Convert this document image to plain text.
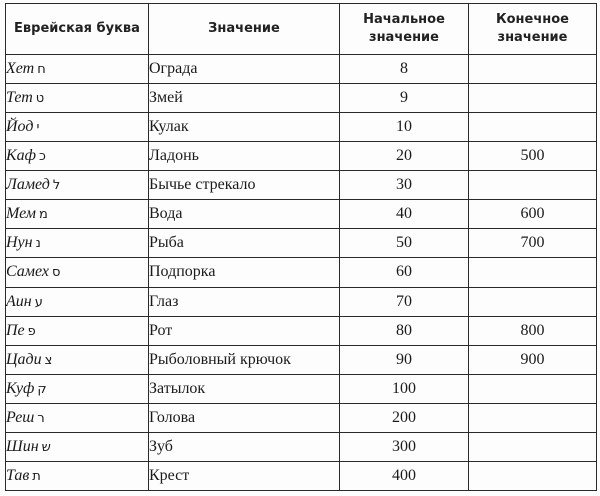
Еврейская буква	Значение	Начальное значение	Конечное значение
Хет ח	Ограда	8	
Тет ט	Змей	9	
Йод י	Кулак	10	
Каф כ	Ладонь	20	500
Ламед ל	Бычье стрекало	30	
Мем מ	Вода	40	600
Нун נ	Рыба	50	700
Самех ס	Подпорка	60	
Аин ע	Глаз	70	
Пе פ	Рот	80	800
Цади צ	Рыболовный крючок	90	900
Куф ק	Затылок	100	
Реш ר	Голова	200	
Шин ש	Зуб	300	
Тав ת	Крест	400	
